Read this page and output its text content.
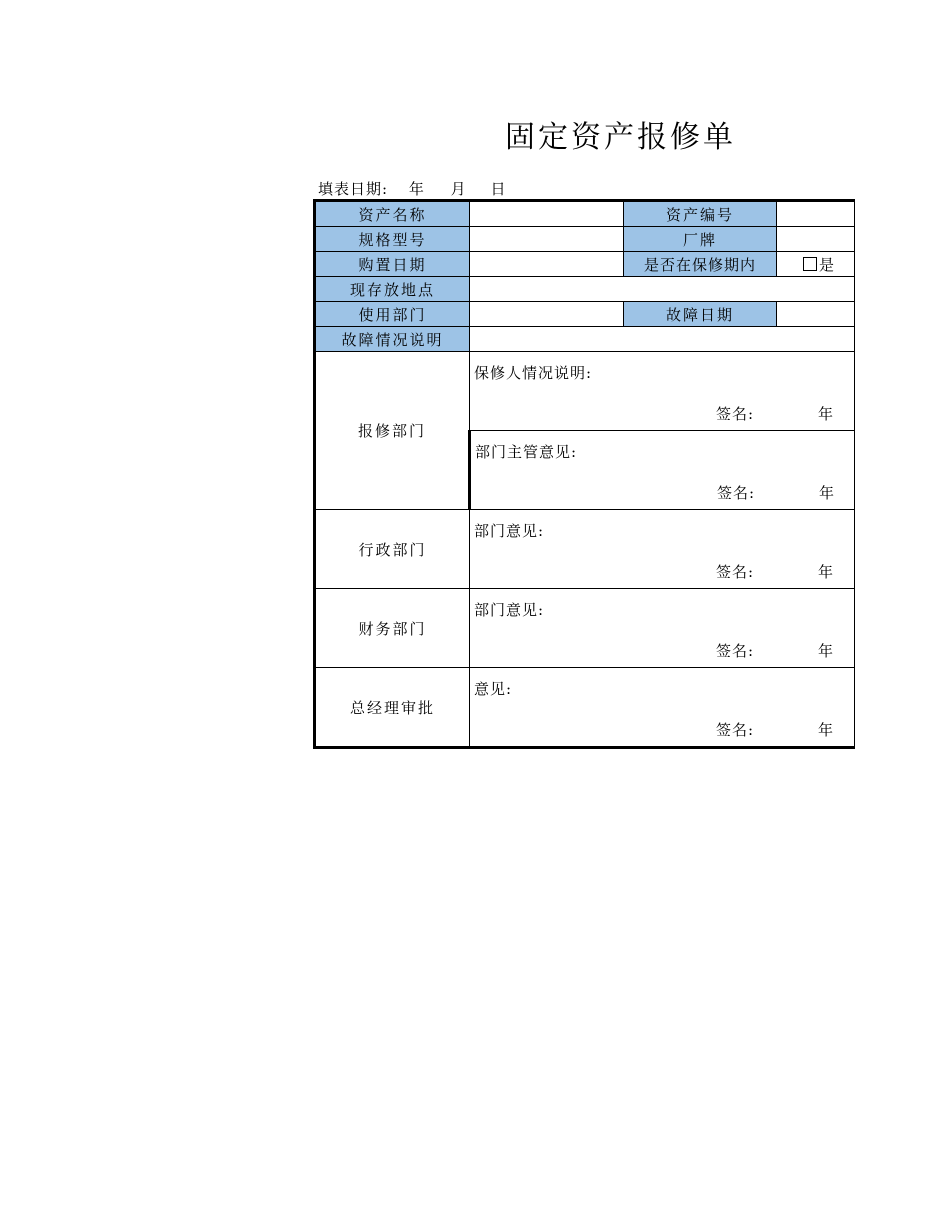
固定资产报修单
填表日期: 年 月 日
资产名称		资产编号	
规格型号		厂牌	
购置日期		是否在保修期内	是
现存放地点			
使用部门		故障日期	
故障情况说明			
报修部门	保修人情况说明:
签名: 年		

	部门主管意见:
签名: 年		

行政部门	部门意见:
签名: 年		

财务部门	部门意见:
签名: 年		

总经理审批	意见:
签名: 年		
